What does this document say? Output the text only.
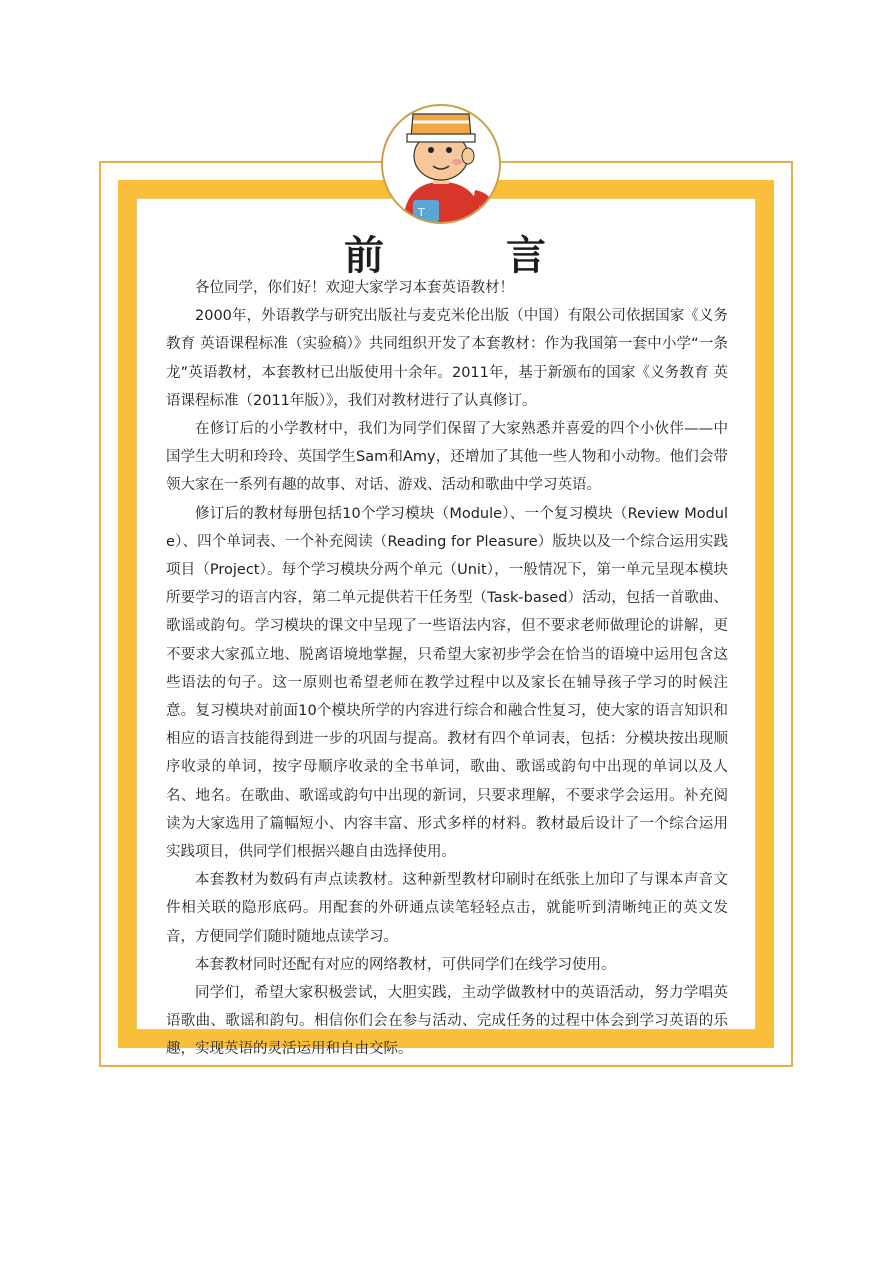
T
前	言

各位同学，你们好！欢迎大家学习本套英语教材！

2000年，外语教学与研究出版社与麦克米伦出版（中国）有限公司依据国家《义务教育 英语课程标准（实验稿）》共同组织开发了本套教材：作为我国第一套中小学“一条龙”英语教材，本套教材已出版使用十余年。2011年，基于新颁布的国家《义务教育 英语课程标准（2011年版）》，我们对教材进行了认真修订。

在修订后的小学教材中，我们为同学们保留了大家熟悉并喜爱的四个小伙伴——中国学生大明和玲玲、英国学生Sam和Amy，还增加了其他一些人物和小动物。他们会带领大家在一系列有趣的故事、对话、游戏、活动和歌曲中学习英语。

修订后的教材每册包括10个学习模块（Module）、一个复习模块（Review Module）、四个单词表、一个补充阅读（Reading for Pleasure）版块以及一个综合运用实践项目（Project）。每个学习模块分两个单元（Unit），一般情况下，第一单元呈现本模块所要学习的语言内容，第二单元提供若干任务型（Task-based）活动，包括一首歌曲、歌谣或韵句。学习模块的课文中呈现了一些语法内容，但不要求老师做理论的讲解，更不要求大家孤立地、脱离语境地掌握，只希望大家初步学会在恰当的语境中运用包含这些语法的句子。这一原则也希望老师在教学过程中以及家长在辅导孩子学习的时候注意。复习模块对前面10个模块所学的内容进行综合和融合性复习，使大家的语言知识和相应的语言技能得到进一步的巩固与提高。教材有四个单词表，包括：分模块按出现顺序收录的单词，按字母顺序收录的全书单词，歌曲、歌谣或韵句中出现的单词以及人名、地名。在歌曲、歌谣或韵句中出现的新词，只要求理解，不要求学会运用。补充阅读为大家选用了篇幅短小、内容丰富、形式多样的材料。教材最后设计了一个综合运用实践项目，供同学们根据兴趣自由选择使用。

本套教材为数码有声点读教材。这种新型教材印刷时在纸张上加印了与课本声音文件相关联的隐形底码。用配套的外研通点读笔轻轻点击，就能听到清晰纯正的英文发音，方便同学们随时随地点读学习。

本套教材同时还配有对应的网络教材，可供同学们在线学习使用。

同学们，希望大家积极尝试，大胆实践，主动学做教材中的英语活动，努力学唱英语歌曲、歌谣和韵句。相信你们会在参与活动、完成任务的过程中体会到学习英语的乐趣，实现英语的灵活运用和自由交际。
